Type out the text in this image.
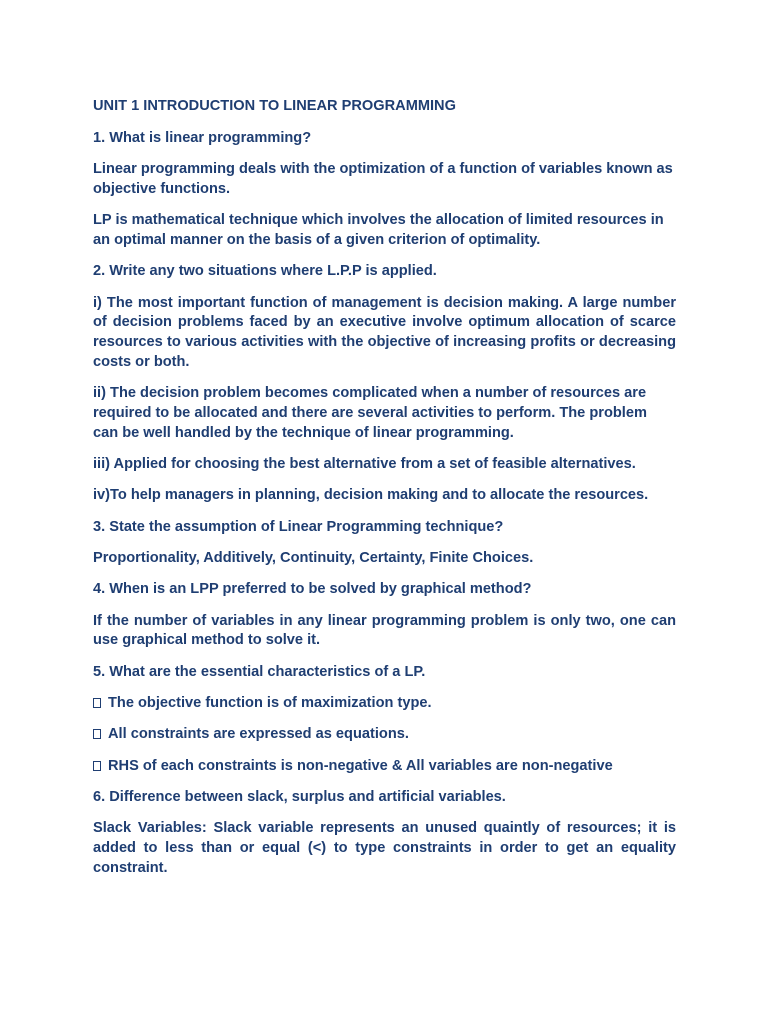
UNIT 1 INTRODUCTION TO LINEAR PROGRAMMING
1. What is linear programming?
Linear programming deals with the optimization of a function of variables known as objective functions.
LP is mathematical technique which involves the allocation of limited resources in an optimal manner on the basis of a given criterion of optimality.
2. Write any two situations where L.P.P is applied.
i) The most important function of management is decision making. A large number of decision problems faced by an executive involve optimum allocation of scarce resources to various activities with the objective of increasing profits or decreasing costs or both.
ii) The decision problem becomes complicated when a number of resources are required to be allocated and there are several activities to perform. The problem can be well handled by the technique of linear programming.
iii) Applied for choosing the best alternative from a set of feasible alternatives.
iv)To help managers in planning, decision making and to allocate the resources.
3. State the assumption of Linear Programming technique?
Proportionality, Additively, Continuity, Certainty, Finite Choices.
4. When is an LPP preferred to be solved by graphical method?
If the number of variables in any linear programming problem is only two, one can use graphical method to solve it.
5. What are the essential characteristics of a LP.
The objective function is of maximization type.
All constraints are expressed as equations.
RHS of each constraints is non-negative & All variables are non-negative
6. Difference between slack, surplus and artificial variables.
Slack Variables: Slack variable represents an unused quaintly of resources; it is added to less than or equal (<) to type constraints in order to get an equality constraint.
